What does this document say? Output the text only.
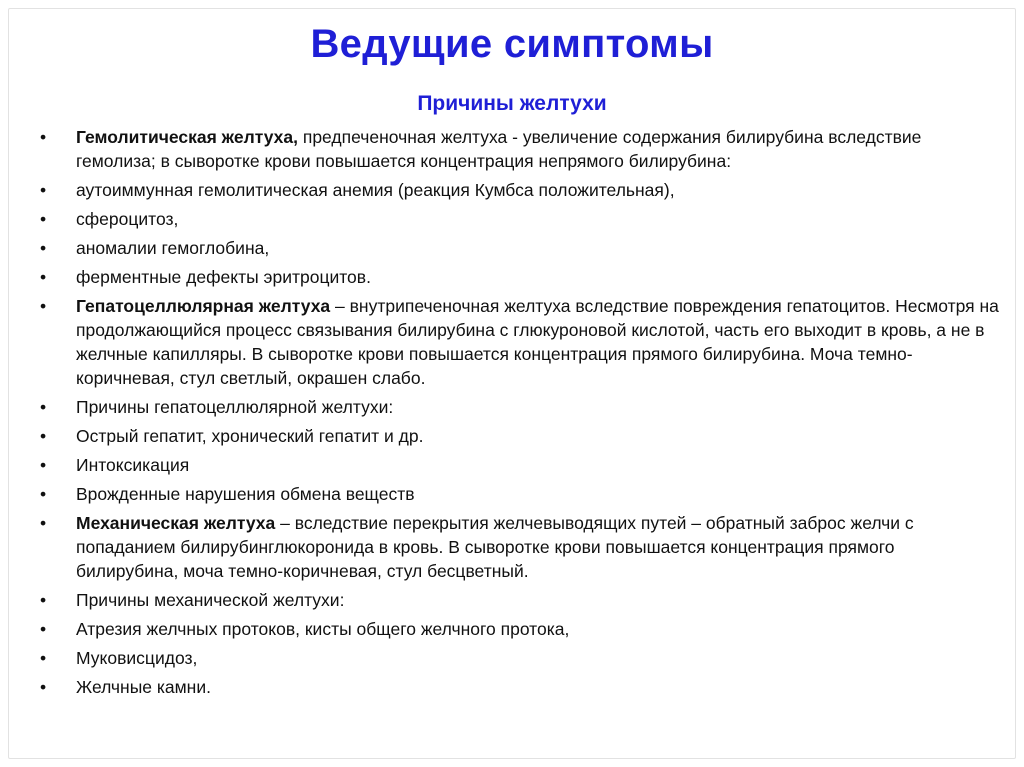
Ведущие симптомы
Причины желтухи
•	Гемолитическая желтуха, предпеченочная желтуха - увеличение содержания билирубина вследствие гемолиза; в сыворотке крови повышается концентрация непрямого билирубина:
•	аутоиммунная гемолитическая анемия (реакция Кумбса положительная),
•	сфероцитоз,
•	аномалии гемоглобина,
•	ферментные дефекты эритроцитов.
•	Гепатоцеллюлярная желтуха – внутрипеченочная желтуха вследствие повреждения гепатоцитов. Несмотря на продолжающийся процесс связывания билирубина с глюкуроновой кислотой, часть его выходит в кровь, а не в желчные капилляры. В сыворотке крови повышается концентрация прямого билирубина. Моча темно-коричневая, стул светлый, окрашен слабо.
•	Причины гепатоцеллюлярной желтухи:
•	Острый гепатит, хронический гепатит и др.
•	Интоксикация
•	Врожденные нарушения обмена веществ
•	Механическая желтуха – вследствие перекрытия желчевыводящих путей – обратный заброс желчи с попаданием билирубинглюкоронида в кровь. В сыворотке крови повышается концентрация прямого билирубина, моча темно-коричневая, стул бесцветный.
•	Причины механической желтухи:
•	Атрезия желчных протоков, кисты общего желчного протока,
•	Муковисцидоз,
•	Желчные камни.
